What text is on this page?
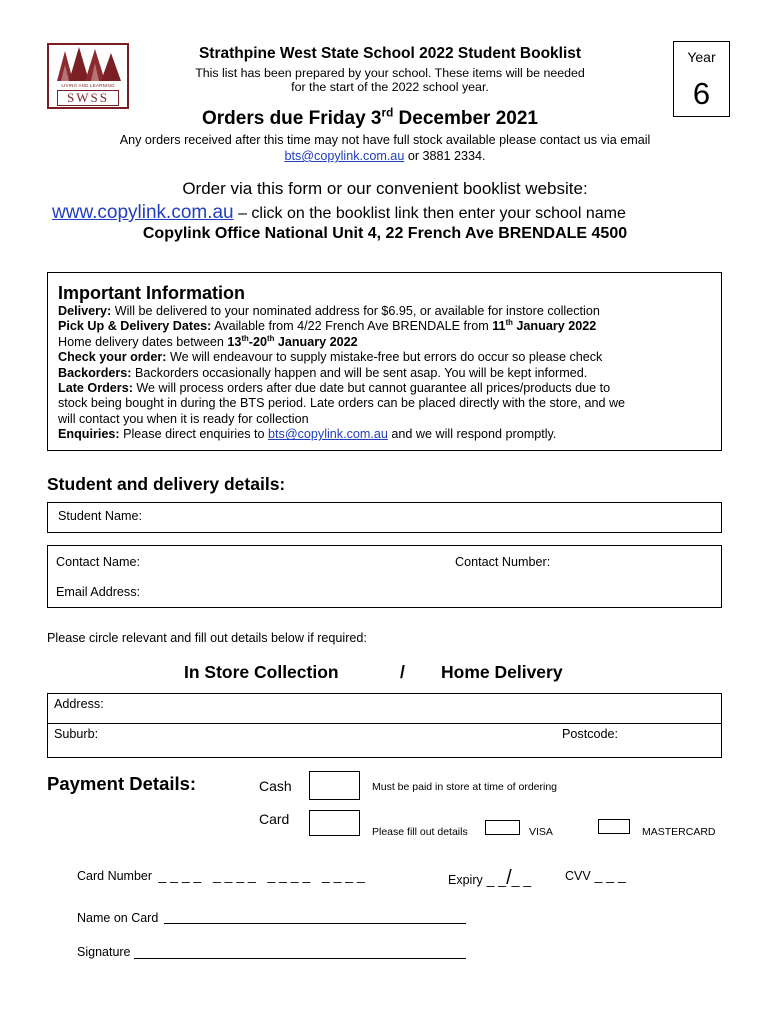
LIVING AND LEARNING
SWSS
Strathpine West State School 2022 Student Booklist
This list has been prepared by your school. These items will be needed
for the start of the 2022 school year.
Year
6
Orders due Friday 3rd December 2021
Any orders received after this time may not have full stock available please contact us via email
bts@copylink.com.au or 3881 2334.
Order via this form or our convenient booklist website:
www.copylink.com.au – click on the booklist link then enter your school name
Copylink Office National Unit 4, 22 French Ave BRENDALE 4500
Important Information

Delivery: Will be delivered to your nominated address for $6.95, or available for instore collection

Pick Up & Delivery Dates: Available from 4/22 French Ave BRENDALE from 11th January 2022

Home delivery dates between 13th-20th January 2022

Check your order: We will endeavour to supply mistake-free but errors do occur so please check

Backorders: Backorders occasionally happen and will be sent asap. You will be kept informed.

Late Orders: We will process orders after due date but cannot guarantee all prices/products due to

stock being bought in during the BTS period. Late orders can be placed directly with the store, and we

will contact you when it is ready for collection

Enquiries: Please direct enquiries to bts@copylink.com.au and we will respond promptly.

Student and delivery details:
Student Name:
Contact Name:	Contact Number:
Email Address:
Please circle relevant and fill out details below if required:
In Store Collection	/ Home Delivery
Address:
Suburb:	Postcode:
Payment Details:	Cash	Must be paid in store at time of ordering
Card
Please fill out details	VISA	MASTERCARD
Card Number _ _ _ _   _ _ _ _   _ _ _ _   _ _ _ _	Expiry _ _/_ _	CVV _ _ _
Name on Card
Signature
